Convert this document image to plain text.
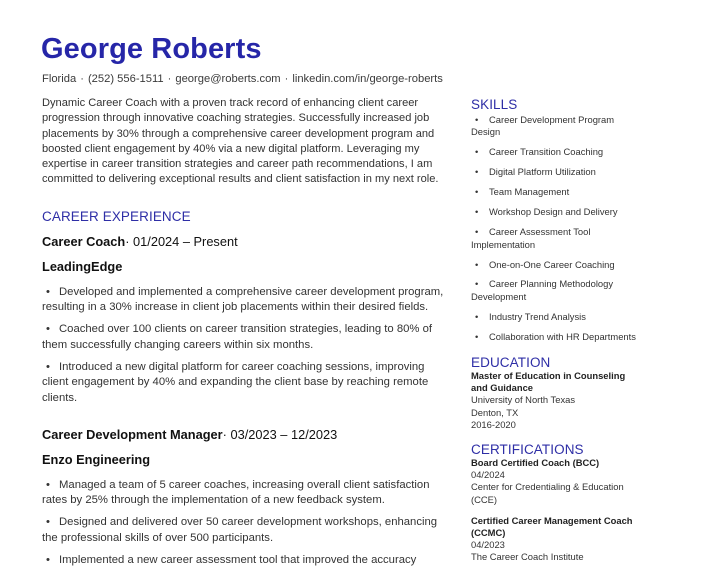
George Roberts
Florida · (252) 556-1511 · george@roberts.com · linkedin.com/in/george-roberts

Dynamic Career Coach with a proven track record of enhancing client career progression through innovative coaching strategies. Successfully increased job placements by 30% through a comprehensive career development program and boosted client engagement by 40% via a new digital platform. Leveraging my expertise in career transition strategies and career path recommendations, I am committed to delivering exceptional results and client satisfaction in my next role.

CAREER EXPERIENCE
Career Coach· 01/2024 – Present
LeadingEdge
• Developed and implemented a comprehensive career development program, resulting in a 30% increase in client job placements within their desired fields.
• Coached over 100 clients on career transition strategies, leading to 80% of them successfully changing careers within six months.
• Introduced a new digital platform for career coaching sessions, improving client engagement by 40% and expanding the client base by reaching remote clients.
Career Development Manager· 03/2023 – 12/2023
Enzo Engineering
• Managed a team of 5 career coaches, increasing overall client satisfaction rates by 25% through the implementation of a new feedback system.
• Designed and delivered over 50 career development workshops, enhancing the professional skills of over 500 participants.
• Implemented a new career assessment tool that improved the accuracy
SKILLS
• Career Development Program Design
• Career Transition Coaching
• Digital Platform Utilization
• Team Management
• Workshop Design and Delivery
• Career Assessment Tool Implementation
• One-on-One Career Coaching
• Career Planning Methodology Development
• Industry Trend Analysis
• Collaboration with HR Departments
EDUCATION
Master of Education in Counseling and Guidance
University of North Texas
Denton, TX
2016-2020
CERTIFICATIONS
Board Certified Coach (BCC)
04/2024
Center for Credentialing & Education (CCE)
Certified Career Management Coach (CCMC)
04/2023
The Career Coach Institute
